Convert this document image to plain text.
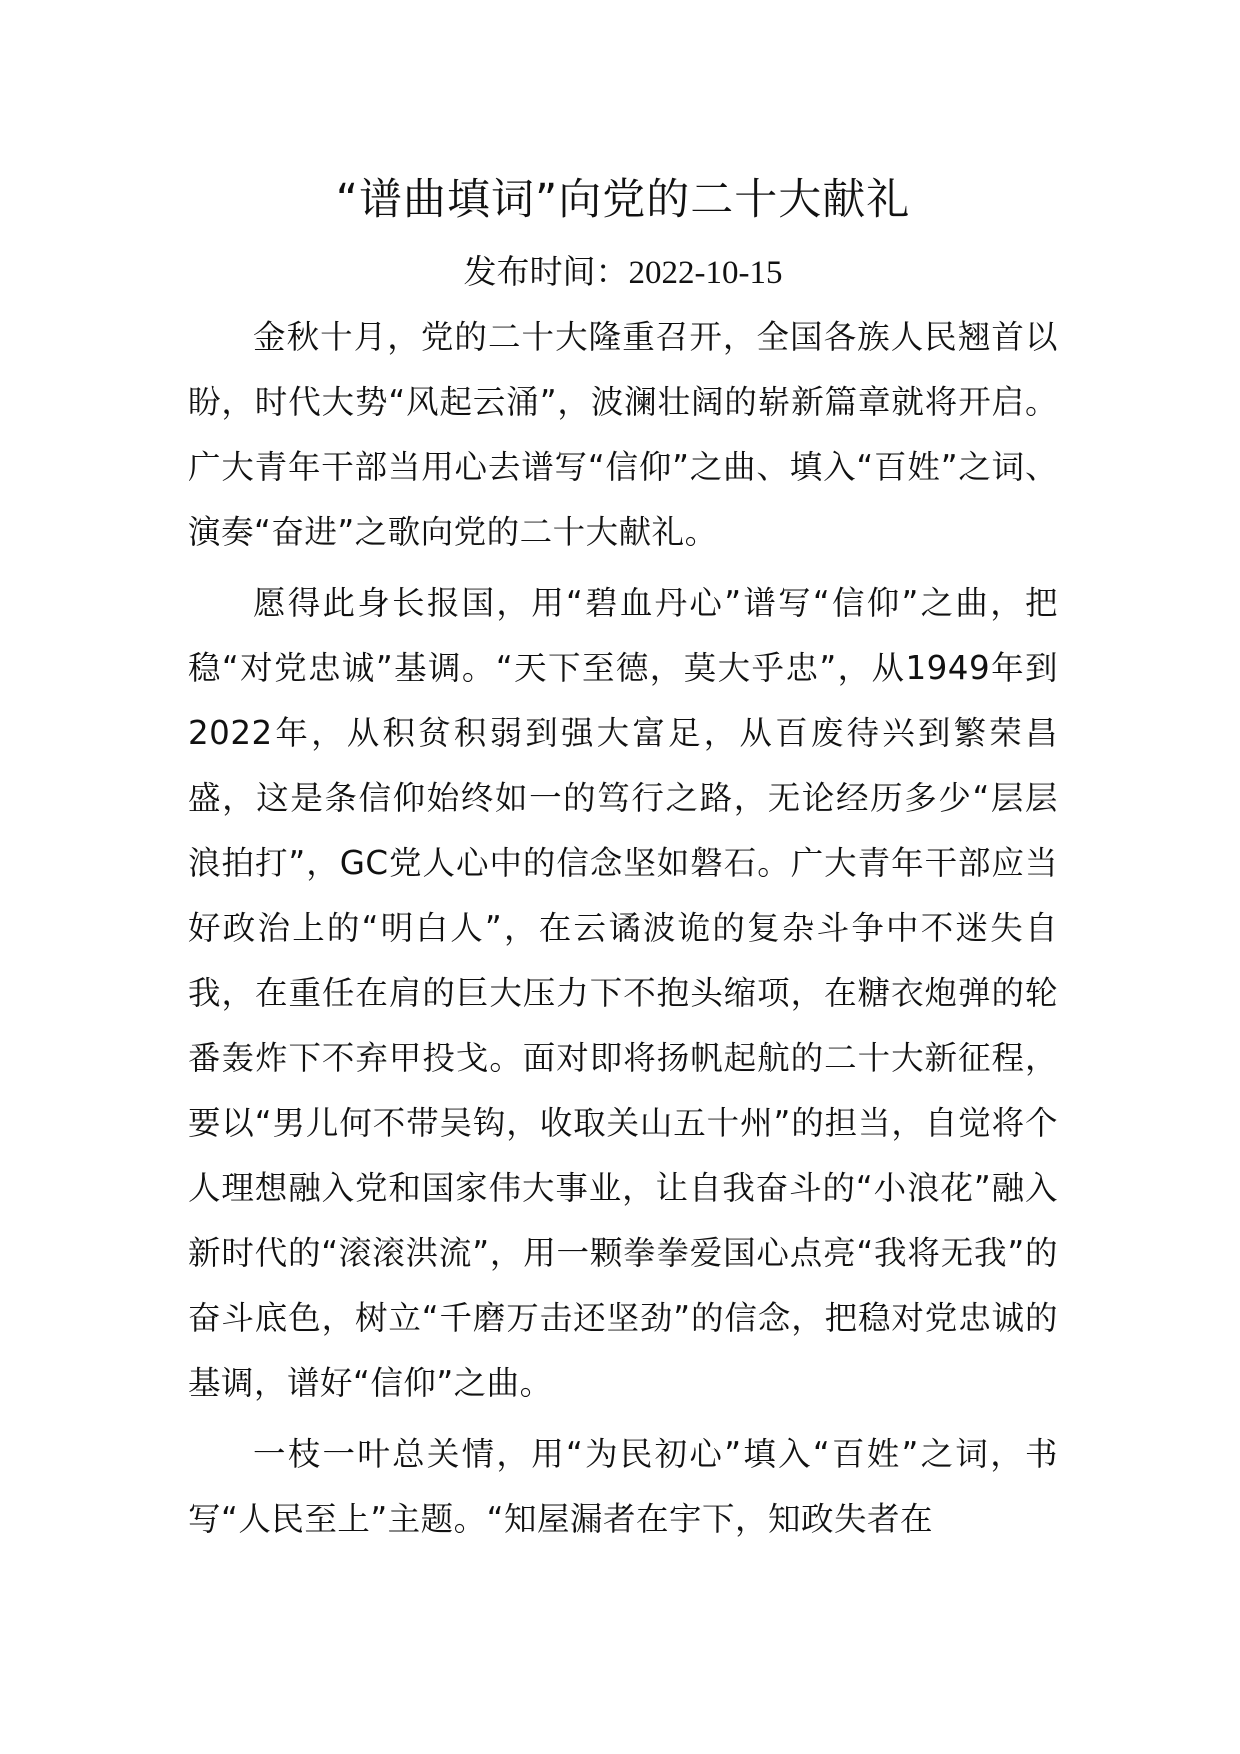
“谱曲填词”向党的二十大献礼

发布时间：2022-10-15

金秋十月，党的二十大隆重召开，全国各族人民翘首以盼，时代大势“风起云涌”，波澜壮阔的崭新篇章就将开启。广大青年干部当用心去谱写“信仰”之曲、填入“百姓”之词、演奏“奋进”之歌向党的二十大献礼。

愿得此身长报国，用“碧血丹心”谱写“信仰”之曲，把稳“对党忠诚”基调。“天下至德，莫大乎忠”，从1949年到2022年，从积贫积弱到强大富足，从百废待兴到繁荣昌盛，这是条信仰始终如一的笃行之路，无论经历多少“层层浪拍打”，GC党人心中的信念坚如磐石。广大青年干部应当好政治上的“明白人”，在云谲波诡的复杂斗争中不迷失自我，在重任在肩的巨大压力下不抱头缩项，在糖衣炮弹的轮番轰炸下不弃甲投戈。面对即将扬帆起航的二十大新征程，要以“男儿何不带吴钩，收取关山五十州”的担当，自觉将个人理想融入党和国家伟大事业，让自我奋斗的“小浪花”融入新时代的“滚滚洪流”，用一颗拳拳爱国心点亮“我将无我”的奋斗底色，树立“千磨万击还坚劲”的信念，把稳对党忠诚的基调，谱好“信仰”之曲。

一枝一叶总关情，用“为民初心”填入“百姓”之词，书写“人民至上”主题。“知屋漏者在宇下，知政失者在
